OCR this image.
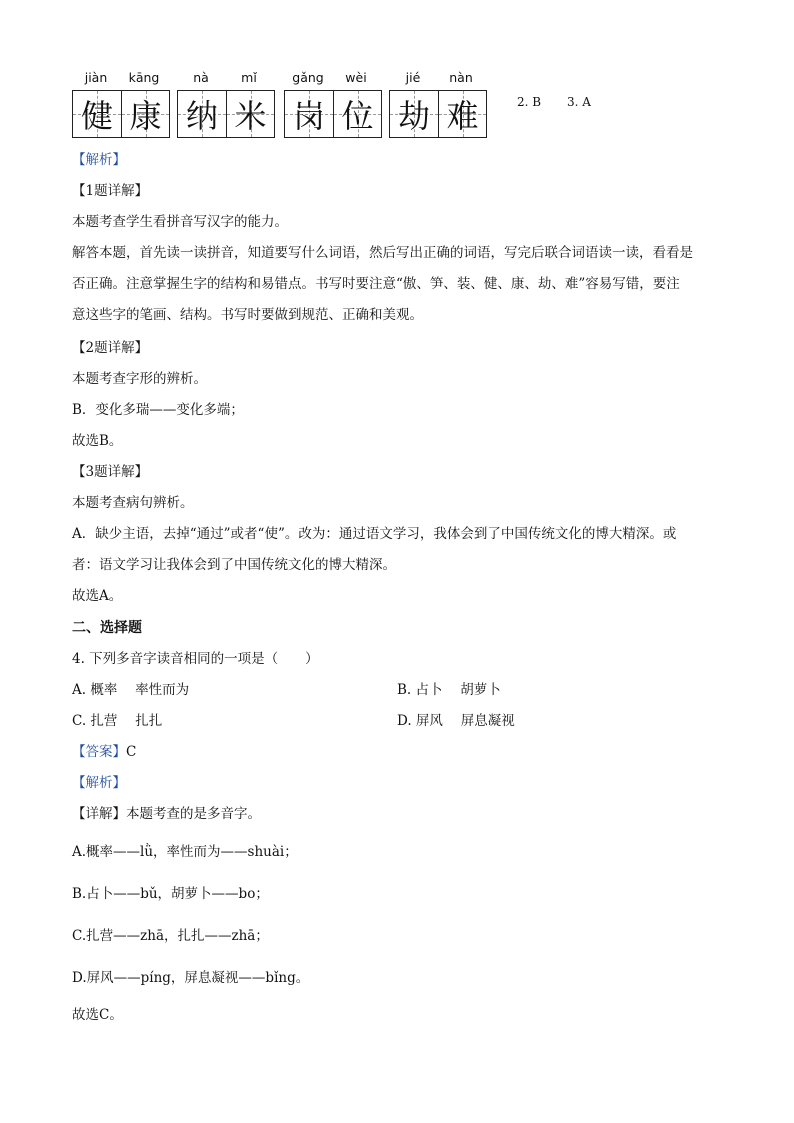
jiàn	kāng
健 康
nà	mǐ
纳 米
gǎng	wèi
岗 位
jié	nàn
劫 难	2. B 3. A
【解析】
【1题详解】
本题考查学生看拼音写汉字的能力。
解答本题，首先读一读拼音，知道要写什么词语，然后写出正确的词语，写完后联合词语读一读，看看是
否正确。注意掌握生字的结构和易错点。书写时要注意“傲、笋、装、健、康、劫、难”容易写错，要注
意这些字的笔画、结构。书写时要做到规范、正确和美观。
【2题详解】
本题考查字形的辨析。
B．变化多瑞——变化多端；
故选B。
【3题详解】
本题考查病句辨析。
A．缺少主语，去掉“通过”或者“使”。改为：通过语文学习，我体会到了中国传统文化的博大精深。或
者：语文学习让我体会到了中国传统文化的博大精深。
故选A。
二、选择题
4. 下列多音字读音相同的一项是（　　）
A. 概率　 率性而为	B. 占卜　 胡萝卜
C. 扎营　 扎扎	D. 屏风　 屏息凝视
【答案】C
【解析】
【详解】本题考查的是多音字。
A.概率——lǜ，率性而为——shuài；
B.占卜——bǔ，胡萝卜——bo；
C.扎营——zhā，扎扎——zhā；
D.屏风——píng，屏息凝视——bǐng。
故选C。
